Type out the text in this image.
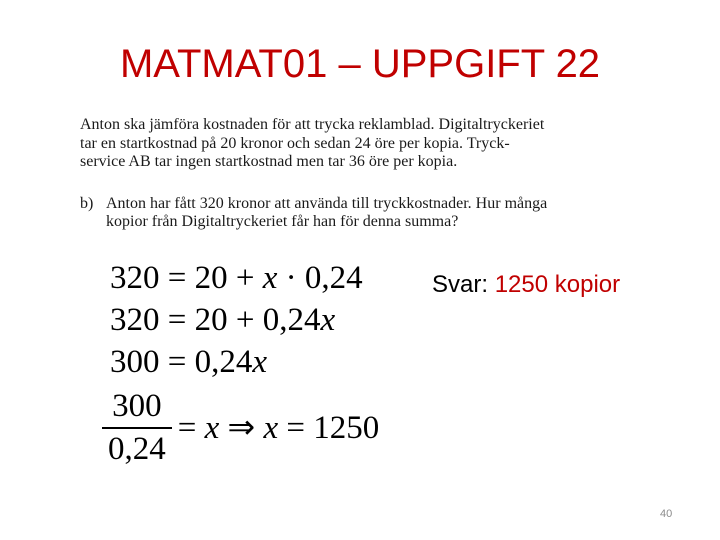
MATMAT01 – UPPGIFT 22

Anton ska jämföra kostnaden för att trycka reklamblad. Digitaltryckeriet

tar en startkostnad på 20 kronor och sedan 24 öre per kopia. Tryck-

service AB tar ingen startkostnad men tar 36 öre per kopia.

b) Anton har fått 320 kronor att använda till tryckkostnader. Hur många

kopior från Digitaltryckeriet får han för denna summa?

320 = 20 + x · 0,24
320 = 20 + 0,24x
300 = 0,24x
$\frac{300}{0,24} = x$ ⇒ x = 1250
Svar: 1250 kopior
40
